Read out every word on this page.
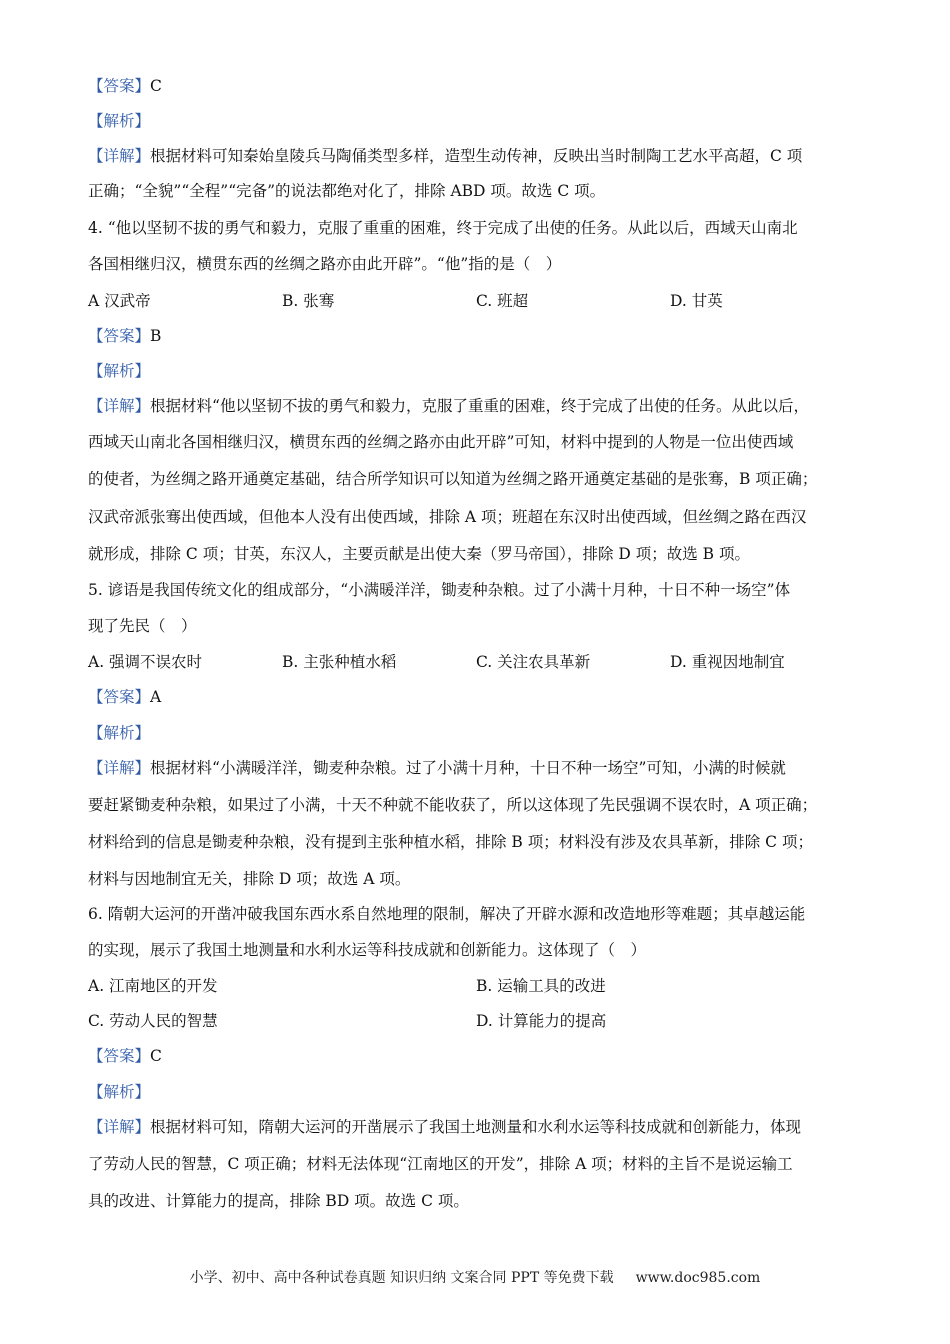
【答案】C
【解析】
【详解】根据材料可知秦始皇陵兵马陶俑类型多样，造型生动传神，反映出当时制陶工艺水平高超，C 项
正确；“全貌”“全程”“完备”的说法都绝对化了，排除 ABD 项。故选 C 项。
4. “他以坚韧不拔的勇气和毅力，克服了重重的困难，终于完成了出使的任务。从此以后，西域天山南北
各国相继归汉，横贯东西的丝绸之路亦由此开辟”。“他”指的是（　）
A 汉武帝	B. 张骞	C. 班超	D. 甘英
【答案】B
【解析】
【详解】根据材料“他以坚韧不拔的勇气和毅力，克服了重重的困难，终于完成了出使的任务。从此以后，
西域天山南北各国相继归汉，横贯东西的丝绸之路亦由此开辟”可知，材料中提到的人物是一位出使西域
的使者，为丝绸之路开通奠定基础，结合所学知识可以知道为丝绸之路开通奠定基础的是张骞，B 项正确；
汉武帝派张骞出使西域，但他本人没有出使西域，排除 A 项；班超在东汉时出使西域，但丝绸之路在西汉
就形成，排除 C 项；甘英，东汉人，主要贡献是出使大秦（罗马帝国），排除 D 项；故选 B 项。
5. 谚语是我国传统文化的组成部分，“小满暖洋洋，锄麦种杂粮。过了小满十月种，十日不种一场空”体
现了先民（　）
A. 强调不误农时	B. 主张种植水稻	C. 关注农具革新	D. 重视因地制宜
【答案】A
【解析】
【详解】根据材料“小满暖洋洋，锄麦种杂粮。过了小满十月种，十日不种一场空”可知，小满的时候就
要赶紧锄麦种杂粮，如果过了小满，十天不种就不能收获了，所以这体现了先民强调不误农时，A 项正确；
材料给到的信息是锄麦种杂粮，没有提到主张种植水稻，排除 B 项；材料没有涉及农具革新，排除 C 项；
材料与因地制宜无关，排除 D 项；故选 A 项。
6. 隋朝大运河的开凿冲破我国东西水系自然地理的限制，解决了开辟水源和改造地形等难题；其卓越运能
的实现，展示了我国土地测量和水利水运等科技成就和创新能力。这体现了（　）
A. 江南地区的开发	B. 运输工具的改进
C. 劳动人民的智慧	D. 计算能力的提高
【答案】C
【解析】
【详解】根据材料可知，隋朝大运河的开凿展示了我国土地测量和水利水运等科技成就和创新能力，体现
了劳动人民的智慧，C 项正确；材料无法体现“江南地区的开发”，排除 A 项；材料的主旨不是说运输工
具的改进、计算能力的提高，排除 BD 项。故选 C 项。
小学、初中、高中各种试卷真题 知识归纳 文案合同 PPT 等免费下载 www.doc985.com
